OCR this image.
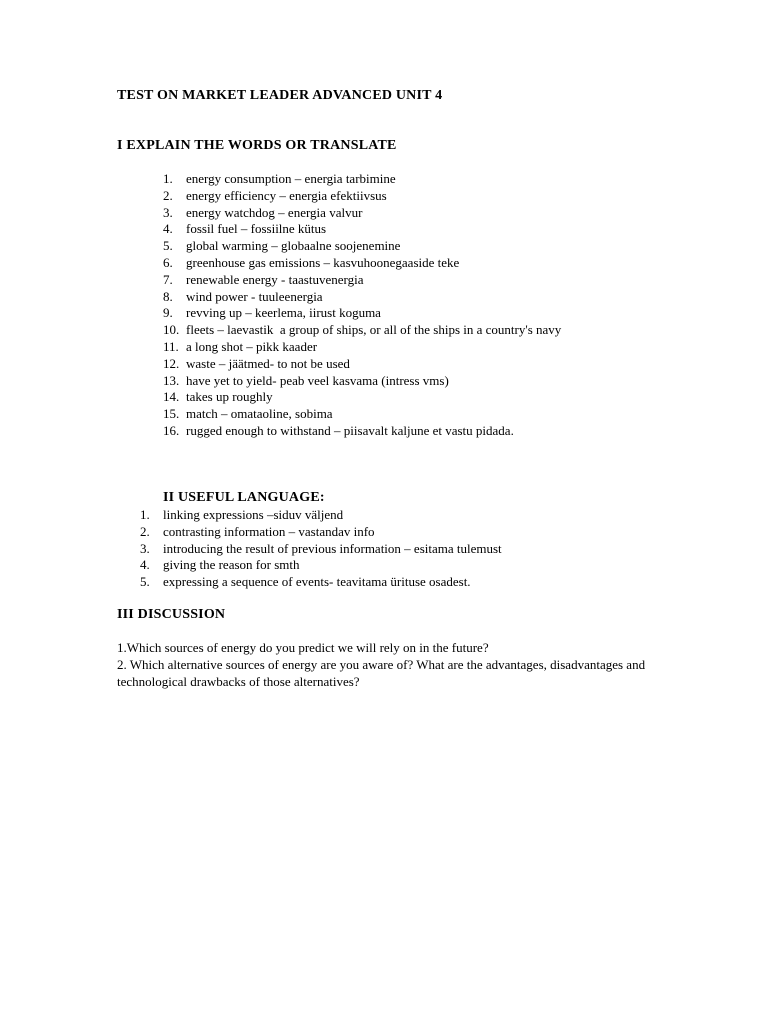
TEST ON MARKET LEADER ADVANCED UNIT 4
I EXPLAIN THE WORDS OR TRANSLATE
1.	energy consumption – energia tarbimine
2.	energy efficiency – energia efektiivsus
3.	energy watchdog – energia valvur
4.	fossil fuel – fossiilne kütus
5.	global warming – globaalne soojenemine
6.	greenhouse gas emissions – kasvuhoonegaaside teke
7.	renewable energy - taastuvenergia
8.	wind power - tuuleenergia
9.	revving up – keerlema, iirust koguma
10. fleets – laevastik  a group of ships, or all of the ships in a country's navy
11. a long shot – pikk kaader
12. waste – jäätmed- to not be used
13. have yet to yield- peab veel kasvama (intress vms)
14. takes up roughly
15. match – omataoline, sobima
16. rugged enough to withstand – piisavalt kaljune et vastu pidada.
II USEFUL LANGUAGE:
1.	linking expressions –siduv väljend
2.	contrasting information – vastandav info
3.	introducing the result of previous information – esitama tulemust
4.	giving the reason for smth
5.	expressing a sequence of events- teavitama ürituse osadest.
III DISCUSSION
1.Which sources of energy do you predict we will rely on in the future?
2. Which alternative sources of energy are you aware of? What are the advantages, disadvantages and technological drawbacks of those alternatives?
